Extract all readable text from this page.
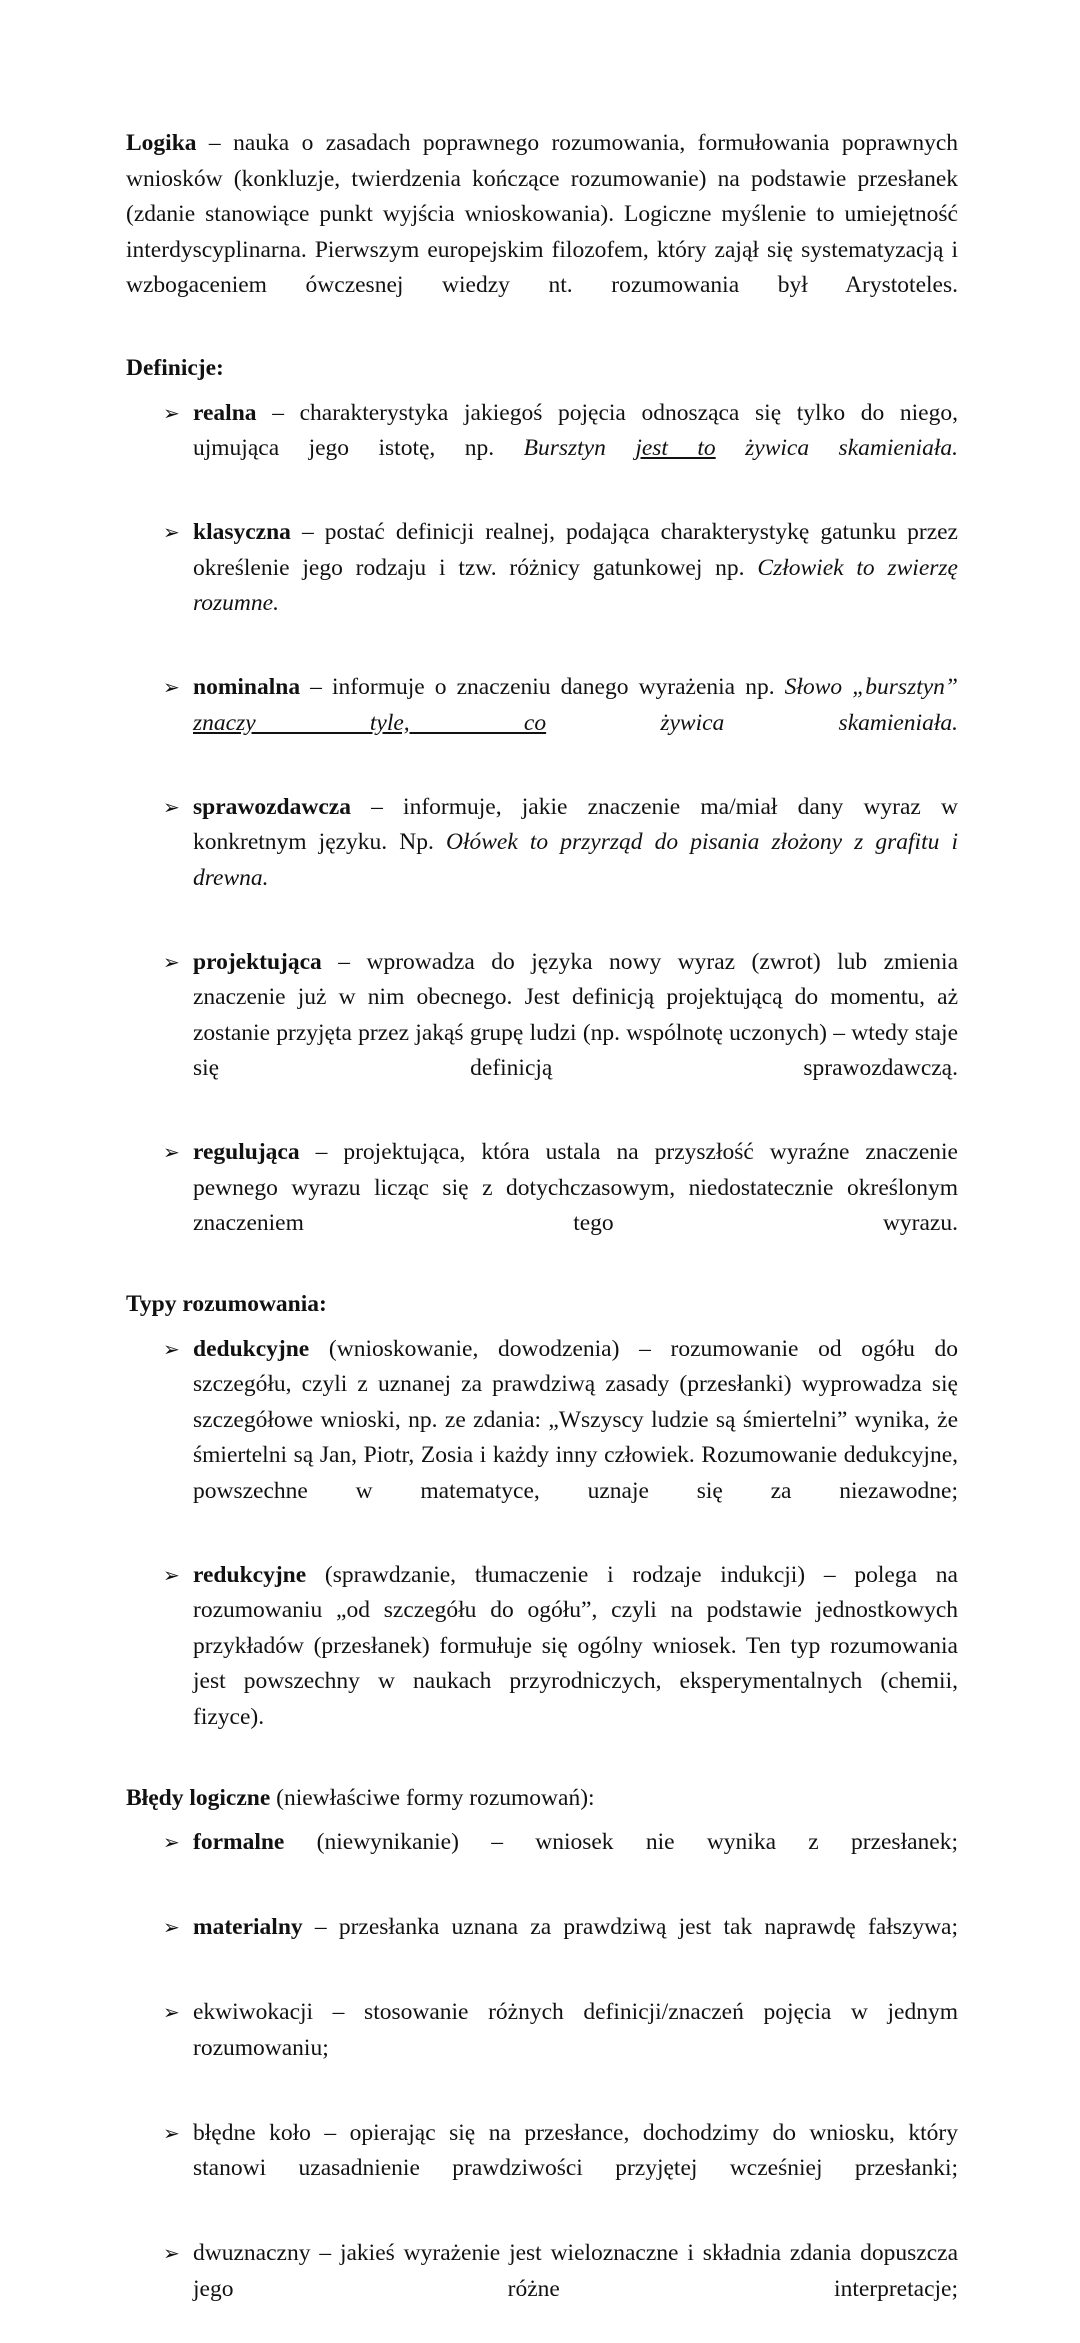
Logika – nauka o zasadach poprawnego rozumowania, formułowania poprawnych wniosków (konkluzje, twierdzenia kończące rozumowanie) na podstawie przesłanek (zdanie stanowiące punkt wyjścia wnioskowania). Logiczne myślenie to umiejętność interdyscyplinarna. Pierwszym europejskim filozofem, który zajął się systematyzacją i wzbogaceniem ówczesnej wiedzy nt. rozumowania był Arystoteles.

Definicje:

➢ realna – charakterystyka jakiegoś pojęcia odnosząca się tylko do niego, ujmująca jego istotę, np. Bursztyn jest to żywica skamieniała.
➢ klasyczna – postać definicji realnej, podająca charakterystykę gatunku przez określenie jego rodzaju i tzw. różnicy gatunkowej np. Człowiek to zwierzę rozumne.
➢ nominalna – informuje o znaczeniu danego wyrażenia np. Słowo „bursztyn” znaczy tyle, co żywica skamieniała.
➢ sprawozdawcza – informuje, jakie znaczenie ma/miał dany wyraz w konkretnym języku. Np. Ołówek to przyrząd do pisania złożony z grafitu i drewna.
➢ projektująca – wprowadza do języka nowy wyraz (zwrot) lub zmienia znaczenie już w nim obecnego. Jest definicją projektującą do momentu, aż zostanie przyjęta przez jakąś grupę ludzi (np. wspólnotę uczonych) – wtedy staje się definicją sprawozdawczą.
➢ regulująca – projektująca, która ustala na przyszłość wyraźne znaczenie pewnego wyrazu licząc się z dotychczasowym, niedostatecznie określonym znaczeniem tego wyrazu.

Typy rozumowania:

➢ dedukcyjne (wnioskowanie, dowodzenia) – rozumowanie od ogółu do szczegółu, czyli z uznanej za prawdziwą zasady (przesłanki) wyprowadza się szczegółowe wnioski, np. ze zdania: „Wszyscy ludzie są śmiertelni” wynika, że śmiertelni są Jan, Piotr, Zosia i każdy inny człowiek. Rozumowanie dedukcyjne, powszechne w matematyce, uznaje się za niezawodne;
➢ redukcyjne (sprawdzanie, tłumaczenie i rodzaje indukcji) – polega na rozumowaniu „od szczegółu do ogółu”, czyli na podstawie jednostkowych przykładów (przesłanek) formułuje się ogólny wniosek. Ten typ rozumowania jest powszechny w naukach przyrodniczych, eksperymentalnych (chemii, fizyce).

Błędy logiczne (niewłaściwe formy rozumowań):

➢ formalne (niewynikanie) – wniosek nie wynika z przesłanek;
➢ materialny – przesłanka uznana za prawdziwą jest tak naprawdę fałszywa;
➢ ekwiwokacji – stosowanie różnych definicji/znaczeń pojęcia w jednym rozumowaniu;
➢ błędne koło – opierając się na przesłance, dochodzimy do wniosku, który stanowi uzasadnienie prawdziwości przyjętej wcześniej przesłanki;
➢ dwuznaczny – jakieś wyrażenie jest wieloznaczne i składnia zdania dopuszcza jego różne interpretacje;
